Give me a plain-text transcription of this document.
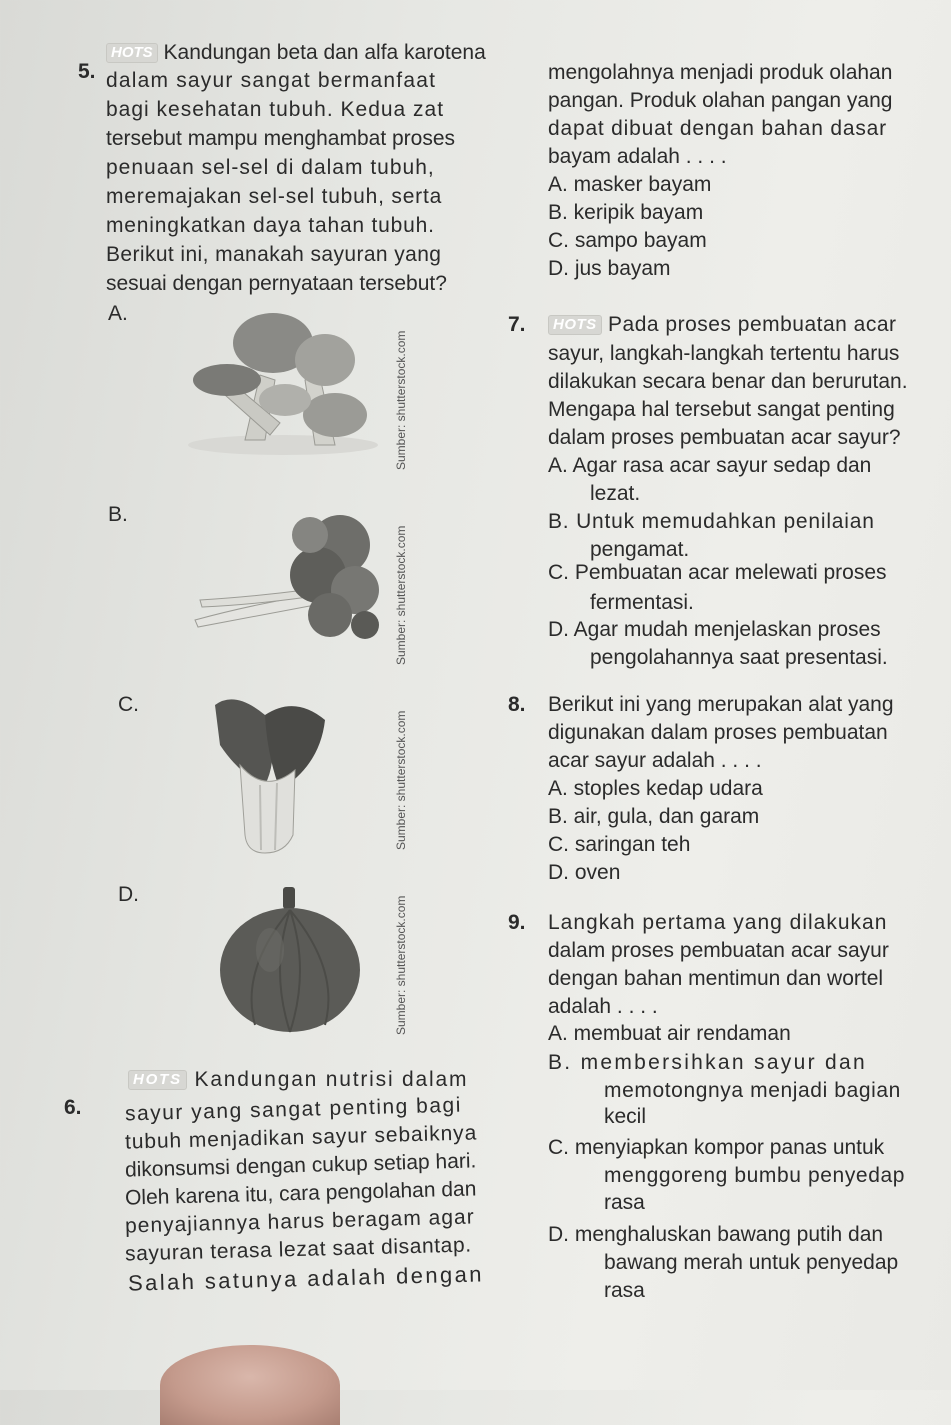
5.
HOTS Kandungan beta dan alfa karotena
dalam sayur sangat bermanfaat
bagi kesehatan tubuh. Kedua zat
tersebut mampu menghambat proses
penuaan sel-sel di dalam tubuh,
meremajakan sel-sel tubuh, serta
meningkatkan daya tahan tubuh.
Berikut ini, manakah sayuran yang
sesuai dengan pernyataan tersebut?
A.
Sumber: shutterstock.com
B.
Sumber: shutterstock.com
C.
Sumber: shutterstock.com
D.
Sumber: shutterstock.com
6.
HOTS Kandungan nutrisi dalam
sayur yang sangat penting bagi
tubuh menjadikan sayur sebaiknya
dikonsumsi dengan cukup setiap hari.
Oleh karena itu, cara pengolahan dan
penyajiannya harus beragam agar
sayuran terasa lezat saat disantap.
Salah satunya adalah dengan
mengolahnya menjadi produk olahan
pangan. Produk olahan pangan yang
dapat dibuat dengan bahan dasar
bayam adalah . . . .
A. masker bayam
B. keripik bayam
C. sampo bayam
D. jus bayam
7.	HOTS Pada proses pembuatan acar
sayur, langkah-langkah tertentu harus
dilakukan secara benar dan berurutan.
Mengapa hal tersebut sangat penting
dalam proses pembuatan acar sayur?
A. Agar rasa acar sayur sedap dan
lezat.
B. Untuk memudahkan penilaian
pengamat.
C. Pembuatan acar melewati proses
fermentasi.
D. Agar mudah menjelaskan proses
pengolahannya saat presentasi.
8. Berikut ini yang merupakan alat yang
digunakan dalam proses pembuatan
acar sayur adalah . . . .
A. stoples kedap udara
B. air, gula, dan garam
C. saringan teh
D. oven
9. Langkah pertama yang dilakukan
dalam proses pembuatan acar sayur
dengan bahan mentimun dan wortel
adalah . . . .
A. membuat air rendaman
B. membersihkan sayur dan
memotongnya menjadi bagian
kecil
C. menyiapkan kompor panas untuk
menggoreng bumbu penyedap
rasa
D. menghaluskan bawang putih dan
bawang merah untuk penyedap
rasa
